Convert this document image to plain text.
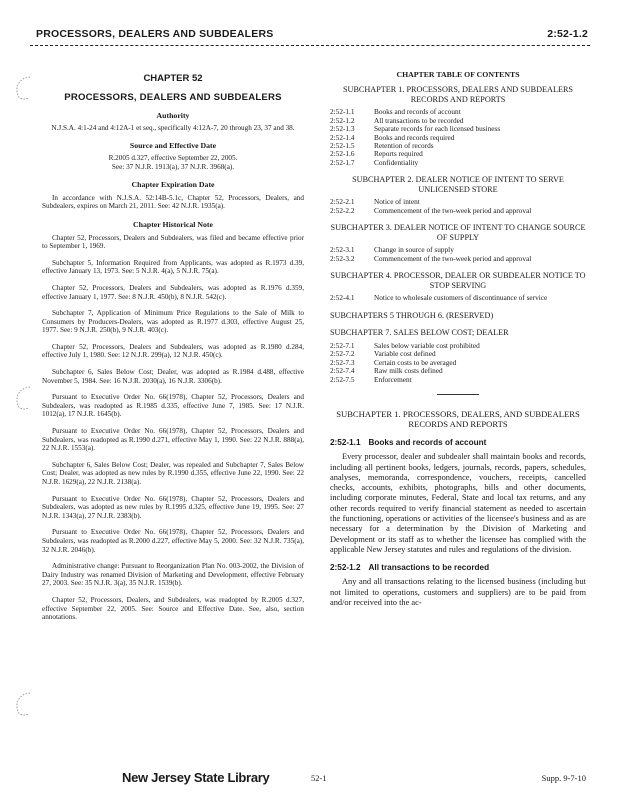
PROCESSORS, DEALERS AND SUBDEALERS	2:52-1.2
CHAPTER 52
PROCESSORS, DEALERS AND SUBDEALERS
Authority
N.J.S.A. 4:1-24 and 4:12A-1 et seq., specifically 4:12A-7, 20 through 23, 37 and 38.
Source and Effective Date
R.2005 d.327, effective September 22, 2005.
See: 37 N.J.R. 1913(a), 37 N.J.R. 3968(a).
Chapter Expiration Date
In accordance with N.J.S.A. 52:14B-5.1c, Chapter 52, Processors, Dealers, and Subdealers, expires on March 21, 2011. See: 42 N.J.R. 1935(a).
Chapter Historical Note
Chapter 52, Processors, Dealers and Subdealers, was filed and became effective prior to September 1, 1969.
Subchapter 5, Information Required from Applicants, was adopted as R.1973 d.39, effective January 13, 1973. See: 5 N.J.R. 4(a), 5 N.J.R. 75(a).
Chapter 52, Processors, Dealers and Subdealers, was adopted as R.1976 d.359, effective January 1, 1977. See: 8 N.J.R. 450(b), 8 N.J.R. 542(c).
Subchapter 7, Application of Minimum Price Regulations to the Sale of Milk to Consumers by Producers-Dealers, was adopted as R.1977 d.303, effective August 25, 1977. See: 9 N.J.R. 250(b), 9 N.J.R. 403(c).
Chapter 52, Processors, Dealers and Subdealers, was adopted as R.1980 d.284, effective July 1, 1980. See: 12 N.J.R. 299(a), 12 N.J.R. 450(c).
Subchapter 6, Sales Below Cost; Dealer, was adopted as R.1984 d.488, effective November 5, 1984. See: 16 N.J.R. 2030(a), 16 N.J.R. 3306(b).
Pursuant to Executive Order No. 66(1978), Chapter 52, Processors, Dealers and Subdealers, was readopted as R.1985 d.335, effective June 7, 1985. See: 17 N.J.R. 1012(a), 17 N.J.R. 1645(b).
Pursuant to Executive Order No. 66(1978), Chapter 52, Processors, Dealers and Subdealers, was readopted as R.1990 d.271, effective May 1, 1990. See: 22 N.J.R. 888(a), 22 N.J.R. 1553(a).
Subchapter 6, Sales Below Cost; Dealer, was repealed and Subchapter 7, Sales Below Cost; Dealer, was adopted as new rules by R.1990 d.355, effective June 22, 1990. See: 22 N.J.R. 1629(a), 22 N.J.R. 2138(a).
Pursuant to Executive Order No. 66(1978), Chapter 52, Processors, Dealers and Subdealers, was adopted as new rules by R.1995 d.325, effective June 19, 1995. See: 27 N.J.R. 1343(a), 27 N.J.R. 2383(b).
Pursuant to Executive Order No. 66(1978), Chapter 52, Processors, Dealers and Subdealers, was readopted as R.2000 d.227, effective May 5, 2000. See: 32 N.J.R. 735(a), 32 N.J.R. 2046(b).
Administrative change: Pursuant to Reorganization Plan No. 003-2002, the Division of Dairy Industry was renamed Division of Marketing and Development, effective February 27, 2003. See: 35 N.J.R. 3(a), 35 N.J.R. 1539(b).
Chapter 52, Processors, Dealers, and Subdealers, was readopted by R.2005 d.327, effective September 22, 2005. See: Source and Effective Date. See, also, section annotations.
CHAPTER TABLE OF CONTENTS
SUBCHAPTER 1. PROCESSORS, DEALERS AND SUBDEALERS RECORDS AND REPORTS
2:52-1.1	Books and records of account
2:52-1.2	All transactions to be recorded
2:52-1.3	Separate records for each licensed business
2:52-1.4	Books and records required
2:52-1.5	Retention of records
2:52-1.6	Reports required
2:52-1.7	Confidentiality
SUBCHAPTER 2. DEALER NOTICE OF INTENT TO SERVE UNLICENSED STORE
2:52-2.1	Notice of intent
2:52-2.2	Commencement of the two-week period and approval
SUBCHAPTER 3. DEALER NOTICE OF INTENT TO CHANGE SOURCE OF SUPPLY
2:52-3.1	Change in source of supply
2:52-3.2	Commencement of the two-week period and approval
SUBCHAPTER 4. PROCESSOR, DEALER OR SUBDEALER NOTICE TO STOP SERVING
2:52-4.1	Notice to wholesale customers of discontinuance of service
SUBCHAPTERS 5 THROUGH 6. (RESERVED)
SUBCHAPTER 7. SALES BELOW COST; DEALER
2:52-7.1	Sales below variable cost prohibited
2:52-7.2	Variable cost defined
2:52-7.3	Certain costs to be averaged
2:52-7.4	Raw milk costs defined
2:52-7.5	Enforcement
SUBCHAPTER 1. PROCESSORS, DEALERS, AND SUBDEALERS RECORDS AND REPORTS
2:52-1.1 Books and records of account
Every processor, dealer and subdealer shall maintain books and records, including all pertinent books, ledgers, journals, records, papers, schedules, analyses, memoranda, correspondence, vouchers, receipts, cancelled checks, accounts, exhibits, photographs, bills and other documents, including corporate minutes, Federal, State and local tax returns, and any other records required to verify financial statement as needed to ascertain the functioning, operations or activities of the licensee's business and as are necessary for a determination by the Division of Marketing and Development or its staff as to whether the licensee has complied with the applicable New Jersey statutes and rules and regulations of the division.
2:52-1.2 All transactions to be recorded
Any and all transactions relating to the licensed business (including but not limited to operations, customers and suppliers) are to be paid from and/or received into the ac-
New Jersey State Library	52-1	Supp. 9-7-10
